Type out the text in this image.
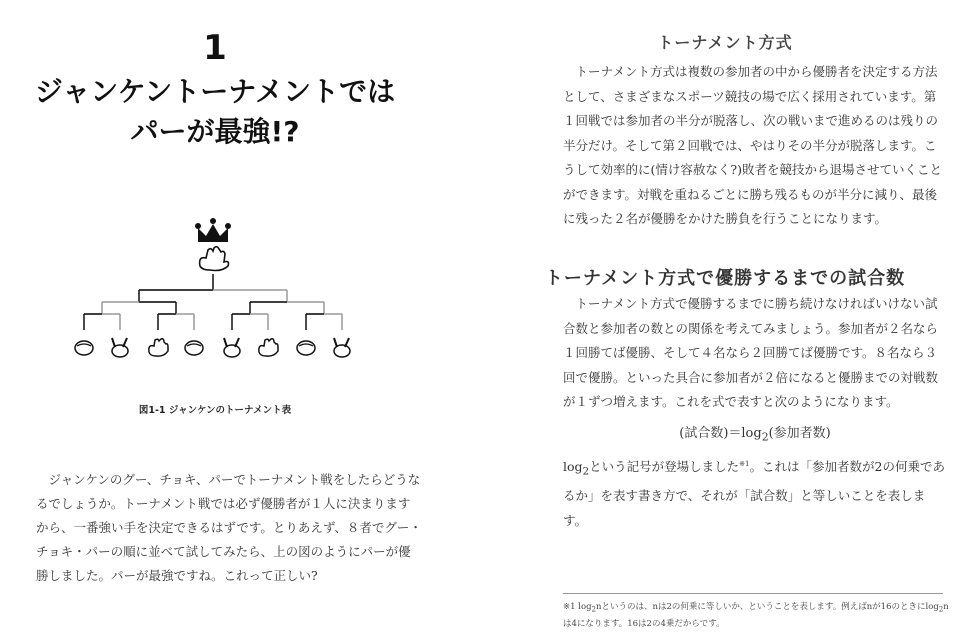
1
ジャンケントーナメントでは
パーが最強!?
図1-1 ジャンケンのトーナメント表

ジャンケンのグー、チョキ、パーでトーナメント戦をしたらどうなるでしょうか。トーナメント戦では必ず優勝者が１人に決まりますから、一番強い手を決定できるはずです。とりあえず、８者でグー・チョキ・パーの順に並べて試してみたら、上の図のようにパーが優勝しました。パーが最強ですね。これって正しい?

トーナメント方式

トーナメント方式は複数の参加者の中から優勝者を決定する方法として、さまざまなスポーツ競技の場で広く採用されています。第１回戦では参加者の半分が脱落し、次の戦いまで進めるのは残りの半分だけ。そして第２回戦では、やはりその半分が脱落します。こうして効率的に(情け容赦なく?)敗者を競技から退場させていくことができます。対戦を重ねるごとに勝ち残るものが半分に減り、最後に残った２名が優勝をかけた勝負を行うことになります。

トーナメント方式で優勝するまでの試合数

トーナメント方式で優勝するまでに勝ち続けなければいけない試合数と参加者の数との関係を考えてみましょう。参加者が２名なら１回勝てば優勝、そして４名なら２回勝てば優勝です。８名なら３回で優勝。といった具合に参加者が２倍になると優勝までの対戦数が１ずつ増えます。これを式で表すと次のようになります。

(試合数)$=\log_2$(参加者数)

$\log_2$という記号が登場しました$^{※1}$。これは「参加者数が2の何乗であるか」を表す書き方で、それが「試合数」と等しいことを表します。

※1 $\log_2n$というのは、nは2の何乗に等しいか、ということを表します。例えばnが16のときに$\log_2n$は4になります。16は2の4乗だからです。
